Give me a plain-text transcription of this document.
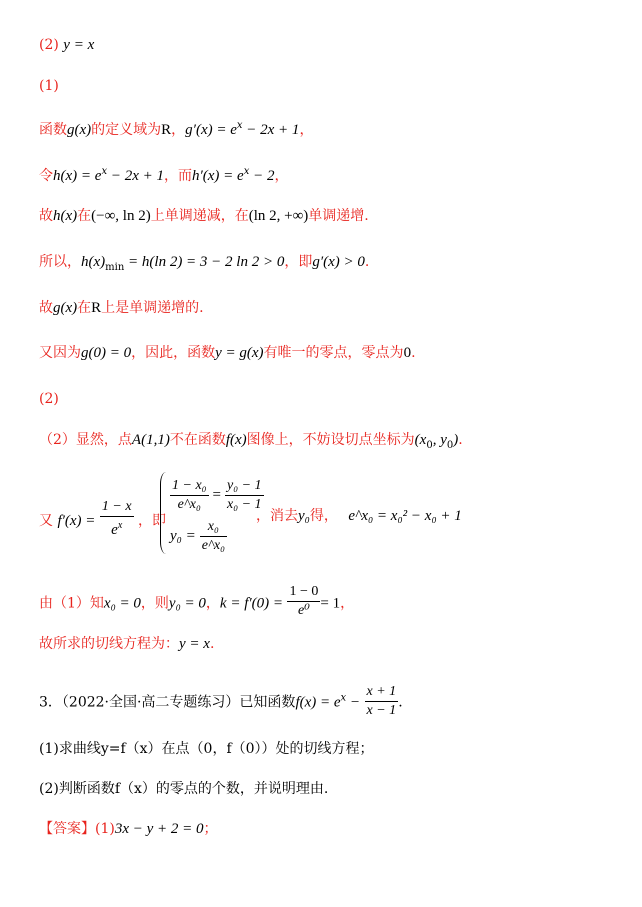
(2) y = x
(1)
函数g(x)的定义域为R，$g'(x) = e^x - 2x + 1$，
令$h(x) = e^x - 2x + 1$，而$h'(x) = e^x - 2$，
故h(x)在(−∞, ln 2)上单调递减，在(ln 2, +∞)单调递增.
所以，$h(x)_{min} = h(\ln$ 2) = 3 − 2 ln 2 > 0，即g′(x) > 0.
故g(x)在R上是单调递增的.
又因为g(0) = 0，因此，函数y = g(x)有唯一的零点，零点为0.
(2)
（2）显然，点A(1,1)不在函数f(x)图像上，不妨设切点坐标为($x_0$, $y_0$).
又 $f'(x) = \frac{1 - x}{e^x}$ ，即
$\frac{\text{1 − x₀}}{\text{e\textasciicircum{}x₀}} = \frac{\text{y₀ − 1}}{\text{x₀ − 1}}$
$y_0 = \frac{\text{x₀}}{\text{e\textasciicircum{}x₀}}$
，消去y₀得， e^x₀ = x₀² − x₀ + 1
由（1）知x₀ = 0，则y₀ = 0，$k = f'(0) = \frac{1 - 0}{\text{e⁰}} = 1$，
故所求的切线方程为：y = x.
3．（2022·全国·高二专题练习）已知函数$f(x) = e^x - \frac{x + 1}{x - 1}$ .
(1)求曲线y=f（x）在点（0，f（0））处的切线方程；
(2)判断函数f（x）的零点的个数，并说明理由.
【答案】(1)3x − y + 2 = 0；
